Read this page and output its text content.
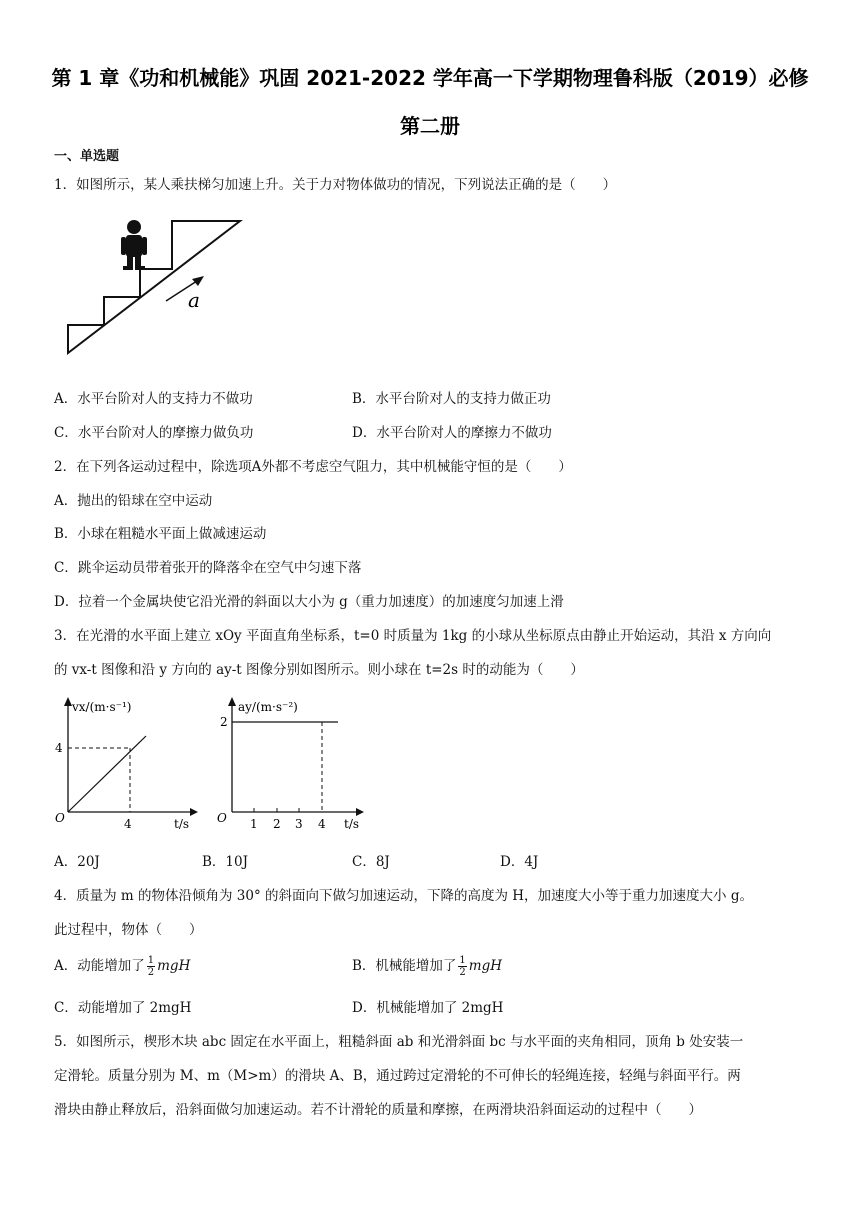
第 1 章《功和机械能》巩固 2021-2022 学年高一下学期物理鲁科版（2019）必修
第二册
一、单选题
1．如图所示，某人乘扶梯匀加速上升。关于力对物体做功的情况，下列说法正确的是（　　）
a
A．水平台阶对人的支持力不做功	B．水平台阶对人的支持力做正功
C．水平台阶对人的摩擦力做负功	D．水平台阶对人的摩擦力不做功
2．在下列各运动过程中，除选项A外都不考虑空气阻力，其中机械能守恒的是（　　）
A．抛出的铅球在空中运动
B．小球在粗糙水平面上做减速运动
C．跳伞运动员带着张开的降落伞在空气中匀速下落
D．拉着一个金属块使它沿光滑的斜面以大小为 g（重力加速度）的加速度匀加速上滑
3．在光滑的水平面上建立 xOy 平面直角坐标系，t=0 时质量为 1kg 的小球从坐标原点由静止开始运动，其沿 x 方向向
的 vx-t 图像和沿 y 方向的 ay-t 图像分别如图所示。则小球在 t=2s 时的动能为（　　）
vx/(m·s⁻¹)
4
4
O	t/s
ay/(m·s⁻²)
2
O 1 2 3 4 t/s
A．20J	B．10J	C．8J	D．4J
4．质量为 m 的物体沿倾角为 30° 的斜面向下做匀加速运动，下降的高度为 H，加速度大小等于重力加速度大小 g。
此过程中，物体（　　）
A．动能增加了 $\frac{1}{2}$ mgH	B．机械能增加了 $\frac{1}{2}$ mgH
C．动能增加了 2mgH	D．机械能增加了 2mgH
5．如图所示，楔形木块 abc 固定在水平面上，粗糙斜面 ab 和光滑斜面 bc 与水平面的夹角相同，顶角 b 处安装一
定滑轮。质量分别为 M、m（M>m）的滑块 A、B，通过跨过定滑轮的不可伸长的轻绳连接，轻绳与斜面平行。两
滑块由静止释放后，沿斜面做匀加速运动。若不计滑轮的质量和摩擦，在两滑块沿斜面运动的过程中（　　）
